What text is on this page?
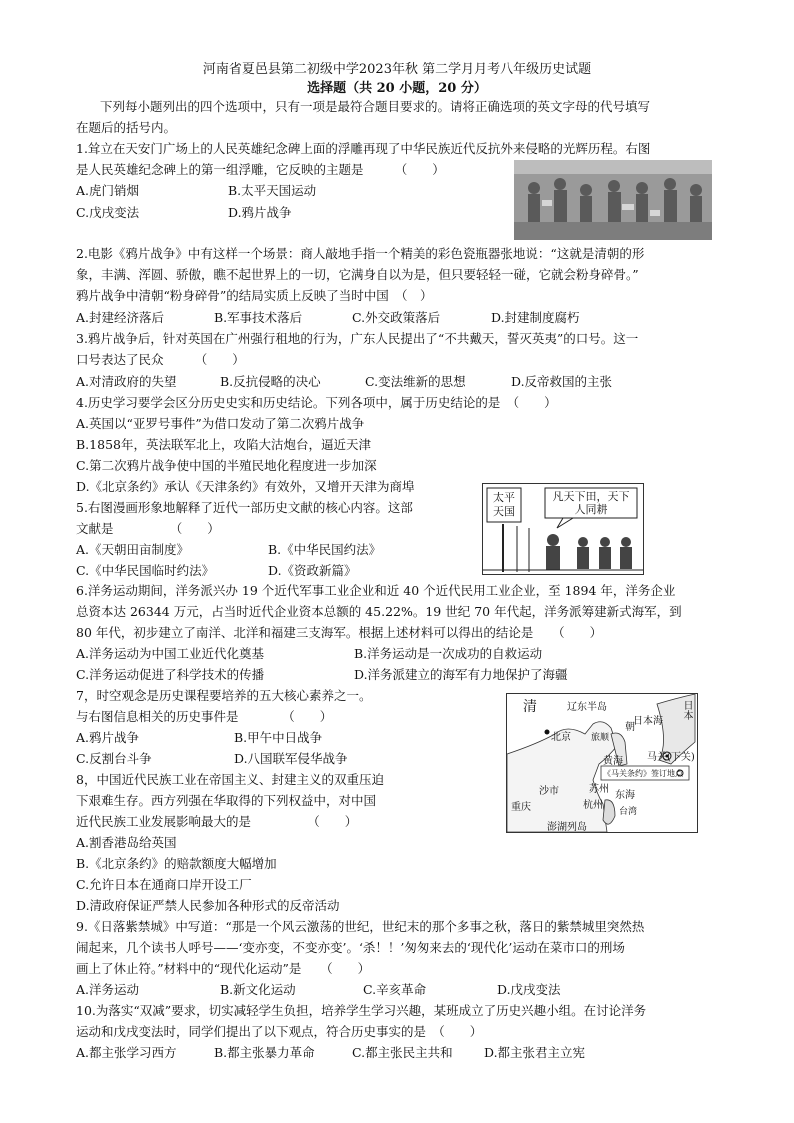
河南省夏邑县第二初级中学2023年秋 第二学月月考八年级历史试题
选择题（共 20 小题，20 分）
下列每小题列出的四个选项中，只有一项是最符合题目要求的。请将正确选项的英文字母的代号填写
在题后的括号内。
1.耸立在天安门广场上的人民英雄纪念碑上面的浮雕再现了中华民族近代反抗外来侵略的光辉历程。右图
是人民英雄纪念碑上的第一组浮雕，它反映的主题是　　　（　　）
A.虎门销烟	B.太平天国运动
C.戊戌变法	D.鸦片战争
2.电影《鸦片战争》中有这样一个场景：商人敲地手指一个精美的彩色瓷瓶器张地说：“这就是清朝的形
象，丰满、浑圆、骄傲，瞧不起世界上的一切，它满身自以为是，但只要轻轻一碰，它就会粉身碎骨。”
鸦片战争中清朝“粉身碎骨”的结局实质上反映了当时中国　（　）
A.封建经济落后	B.军事技术落后	C.外交政策落后	D.封建制度腐朽
3.鸦片战争后，针对英国在广州强行租地的行为，广东人民提出了“不共戴天，誓灭英夷”的口号。这一
口号表达了民众　　　（　　）
A.对清政府的失望	B.反抗侵略的决心	C.变法维新的思想	D.反帝救国的主张
4.历史学习要学会区分历史史实和历史结论。下列各项中，属于历史结论的是　（　　）
A.英国以“亚罗号事件”为借口发动了第二次鸦片战争
B.1858年，英法联军北上，攻陷大沽炮台，逼近天津
C.第二次鸦片战争使中国的半殖民地化程度进一步加深
D.《北京条约》承认《天津条约》有效外，又增开天津为商埠
5.右图漫画形象地解释了近代一部历史文献的核心内容。这部
文献是　　　　　（　　）
A.《天朝田亩制度》	B.《中华民国约法》
C.《中华民国临时约法》	D.《资政新篇》
太平天国
凡天下田，天下人同耕
6.洋务运动期间，洋务派兴办 19 个近代军事工业企业和近 40 个近代民用工业企业，至 1894 年，洋务企业
总资本达 26344 万元，占当时近代企业资本总额的 45.22%。19 世纪 70 年代起，洋务派筹建新式海军，到
80 年代，初步建立了南洋、北洋和福建三支海军。根据上述材料可以得出的结论是　　（　　）
A.洋务运动为中国工业近代化奠基	B.洋务运动是一次成功的自救运动
C.洋务运动促进了科学技术的传播	D.洋务派建立的海军有力地保护了海疆
7，时空观念是历史课程要培养的五大核心素养之一。
与右图信息相关的历史事件是　　　　（　　）
A.鸦片战争	B.甲午中日战争
C.反割台斗争	D.八国联军侵华战争
清	辽东半岛
日本海
日本
北京 旅顺
朝
黄海 马关(下关)
《马关条约》签订地点
沙市	苏州
重庆	杭州
东海
台湾
澎湖列岛
8，中国近代民族工业在帝国主义、封建主义的双重压迫
下艰难生存。西方列强在华取得的下列权益中，对中国
近代民族工业发展影响最大的是　　　　　（　　）
A.割香港岛给英国
B.《北京条约》的赔款额度大幅增加
C.允许日本在通商口岸开设工厂
D.清政府保证严禁人民参加各种形式的反帝活动
9.《日落紫禁城》中写道：“那是一个风云激荡的世纪，世纪末的那个多事之秋，落日的紫禁城里突然热
闹起来，几个读书人呼号——‘变亦变，不变亦变’。‘杀！！’匆匆来去的‘现代化’运动在菜市口的刑场
画上了休止符。”材料中的“现代化运动”是　　（　　）
A.洋务运动	B.新文化运动	C.辛亥革命	D.戊戌变法
10.为落实“双减”要求，切实减轻学生负担，培养学生学习兴趣，某班成立了历史兴趣小组。在讨论洋务
运动和戊戌变法时，同学们提出了以下观点，符合历史事实的是　（　　）
A.都主张学习西方	B.都主张暴力革命	C.都主张民主共和	D.都主张君主立宪
